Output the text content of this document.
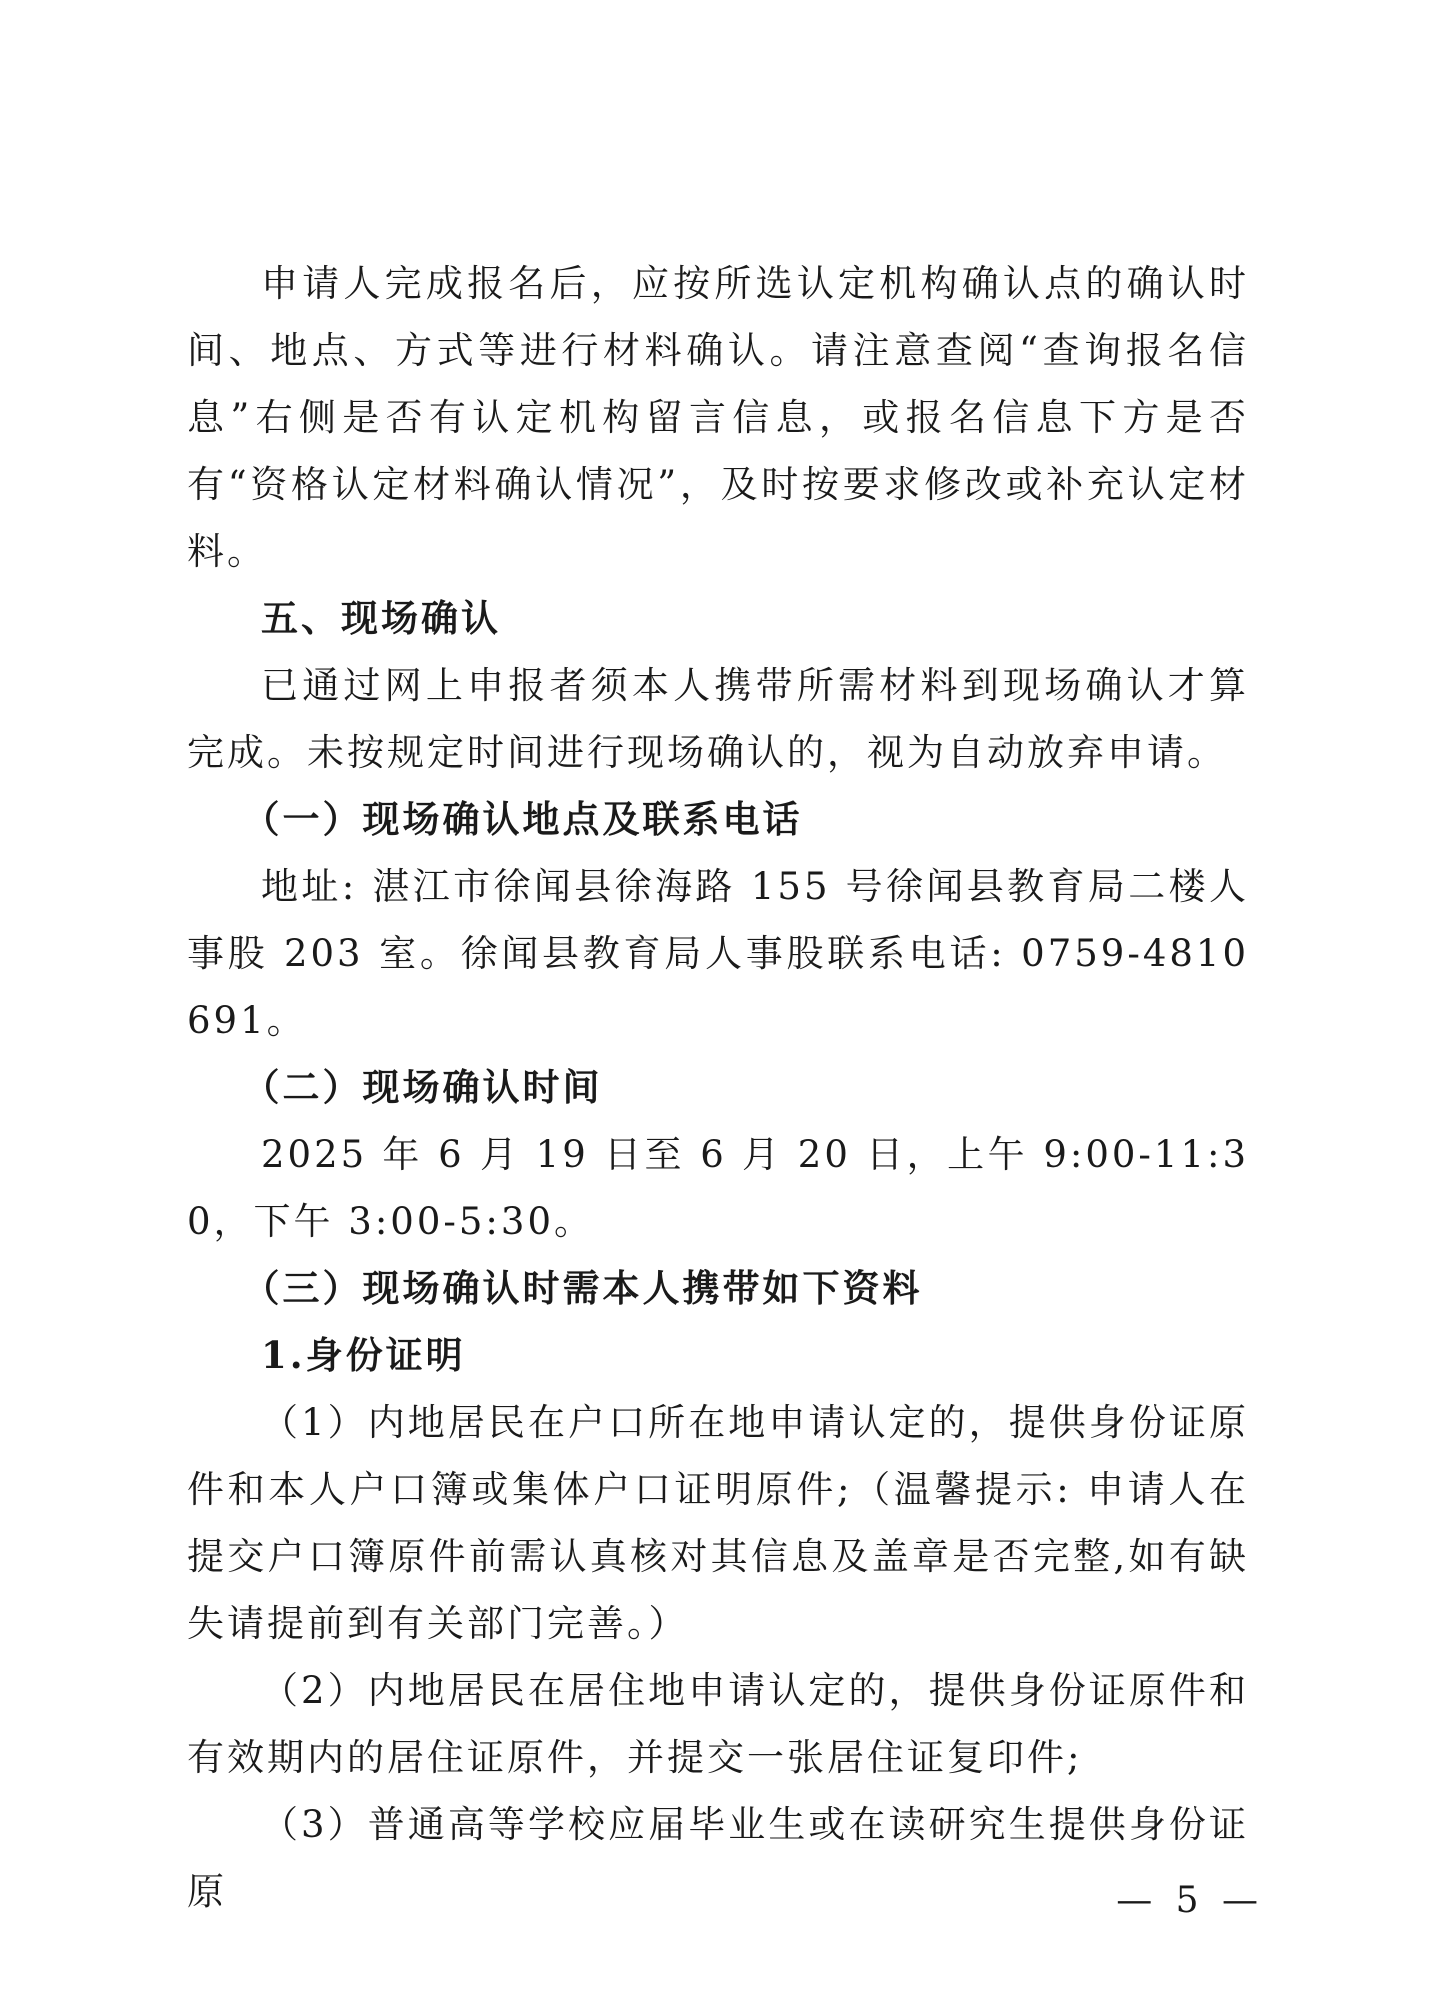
申请人完成报名后，应按所选认定机构确认点的确认时间、地点、方式等进行材料确认。请注意查阅“查询报名信息”右侧是否有认定机构留言信息，或报名信息下方是否有“资格认定材料确认情况”，及时按要求修改或补充认定材料。

五、现场确认

已通过网上申报者须本人携带所需材料到现场确认才算完成。未按规定时间进行现场确认的，视为自动放弃申请。

（一）现场确认地点及联系电话

地址: 湛江市徐闻县徐海路 155 号徐闻县教育局二楼人事股 203 室。徐闻县教育局人事股联系电话: 0759-4810691。

（二）现场确认时间

2025 年 6 月 19 日至 6 月 20 日，上午 9:00-11:30，下午 3:00-5:30。

（三）现场确认时需本人携带如下资料

1.身份证明

（1）内地居民在户口所在地申请认定的，提供身份证原件和本人户口簿或集体户口证明原件;（温馨提示: 申请人在提交户口簿原件前需认真核对其信息及盖章是否完整,如有缺失请提前到有关部门完善。）

（2）内地居民在居住地申请认定的，提供身份证原件和有效期内的居住证原件，并提交一张居住证复印件;

（3）普通高等学校应届毕业生或在读研究生提供身份证原	— 5 —
